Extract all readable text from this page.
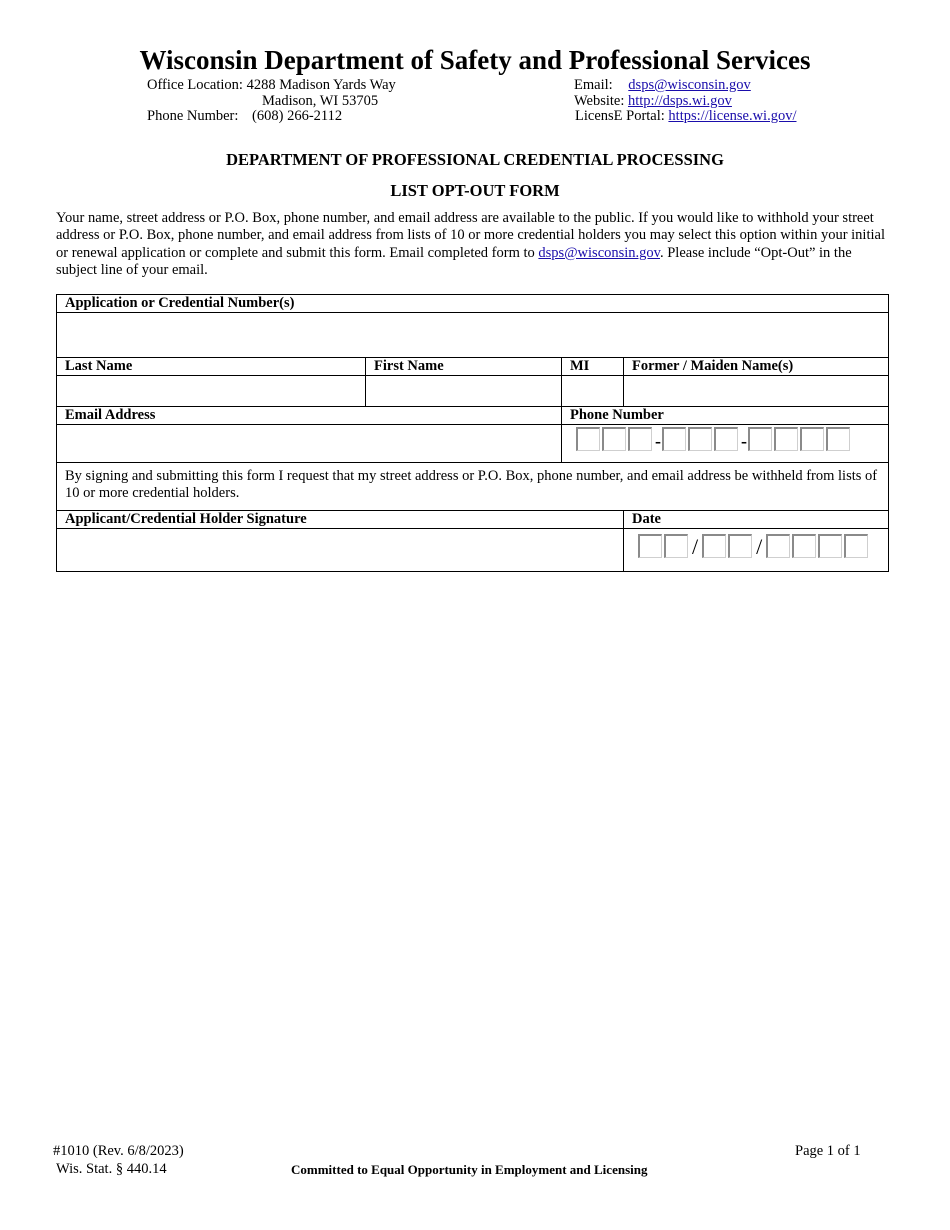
Wisconsin Department of Safety and Professional Services
Office Location: 4288 Madison Yards Way
Madison, WI 53705
Phone Number: (608) 266-2112
Email: dsps@wisconsin.gov
Website: http://dsps.wi.gov
LicensE Portal: https://license.wi.gov/
DEPARTMENT OF PROFESSIONAL CREDENTIAL PROCESSING
LIST OPT-OUT FORM
Your name, street address or P.O. Box, phone number, and email address are available to the public. If you would like to withhold your street address or P.O. Box, phone number, and email address from lists of 10 or more credential holders you may select this option within your initial or renewal application or complete and submit this form. Email completed form to dsps@wisconsin.gov. Please include “Opt-Out” in the subject line of your email.
Application or Credential Number(s)			

Last Name	First Name	MI	Former / Maiden Name(s)

Email Address		Phone Number	

		- -	

By signing and submitting this form I request that my street address or P.O. Box, phone number, and email address be withheld from lists of 10 or more credential holders.			
Applicant/Credential Holder Signature			Date

			/ /
#1010 (Rev. 6/8/2023)
Wis. Stat. § 440.14
Page 1 of 1
Committed to Equal Opportunity in Employment and Licensing
